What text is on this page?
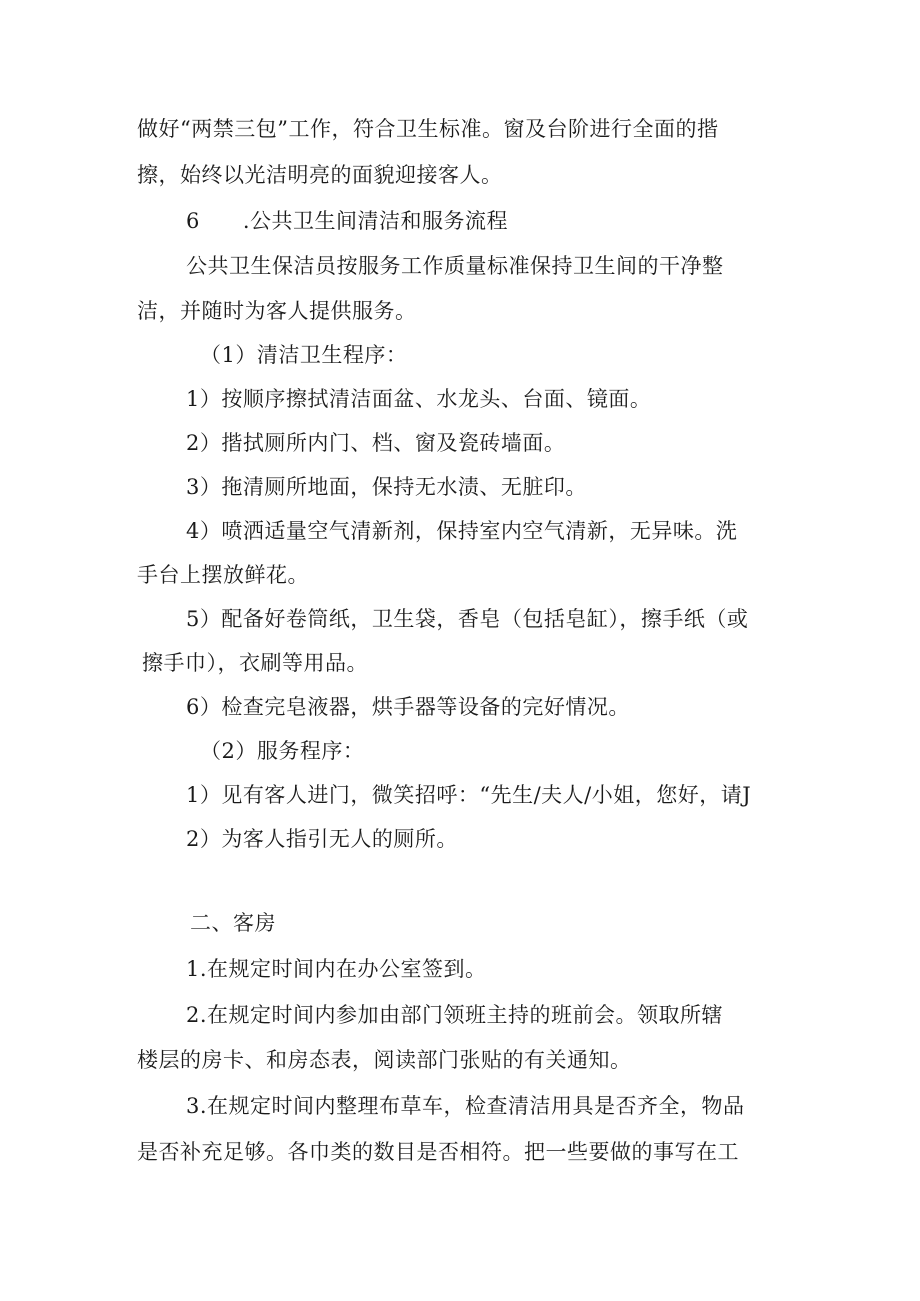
做好“两禁三包”工作，符合卫生标准。窗及台阶进行全面的揩
擦，始终以光洁明亮的面貌迎接客人。
6　　.公共卫生间清洁和服务流程
公共卫生保洁员按服务工作质量标准保持卫生间的干净整
洁，并随时为客人提供服务。
（1）清洁卫生程序：
1）按顺序擦拭清洁面盆、水龙头、台面、镜面。
2）揩拭厕所内门、档、窗及瓷砖墙面。
3）拖清厕所地面，保持无水渍、无脏印。
4）喷洒适量空气清新剂，保持室内空气清新，无异味。洗
手台上摆放鲜花。
5）配备好卷筒纸，卫生袋，香皂（包括皂缸），擦手纸（或
擦手巾），衣刷等用品。
6）检查完皂液器，烘手器等设备的完好情况。
（2）服务程序：
1）见有客人进门，微笑招呼：“先生/夫人/小姐，您好，请J
2）为客人指引无人的厕所。
二、客房
1.在规定时间内在办公室签到。
2.在规定时间内参加由部门领班主持的班前会。领取所辖
楼层的房卡、和房态表，阅读部门张贴的有关通知。
3.在规定时间内整理布草车，检查清洁用具是否齐全，物品
是否补充足够。各巾类的数目是否相符。把一些要做的事写在工
